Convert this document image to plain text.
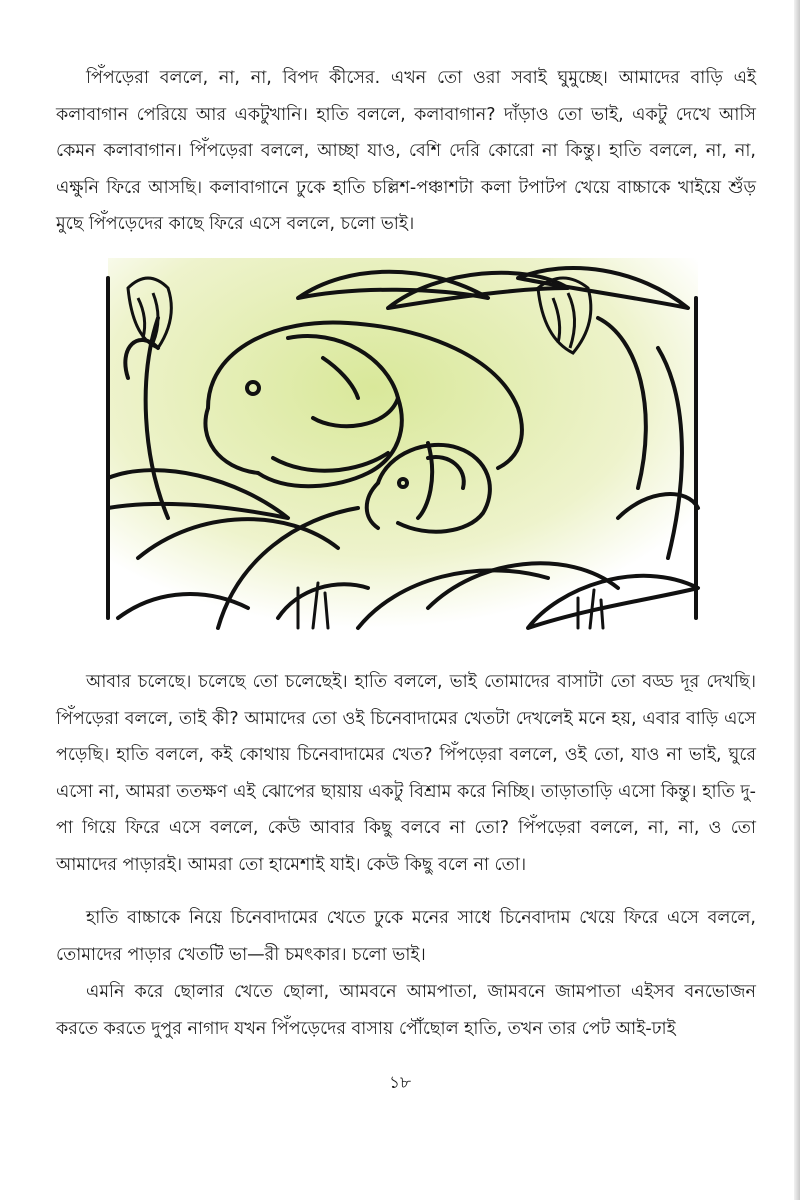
পিঁপড়েরা বললে, না, না, বিপদ কীসের. এখন তো ওরা সবাই ঘুমুচ্ছে। আমাদের বাড়ি এই কলাবাগান পেরিয়ে আর একটুখানি। হাতি বললে, কলাবাগান? দাঁড়াও তো ভাই, একটু দেখে আসি কেমন কলাবাগান। পিঁপড়েরা বললে, আচ্ছা যাও, বেশি দেরি কোরো না কিন্তু। হাতি বললে, না, না, এক্ষুনি ফিরে আসছি। কলাবাগানে ঢুকে হাতি চল্লিশ-পঞ্চাশটা কলা টপাটপ খেয়ে বাচ্চাকে খাইয়ে শুঁড় মুছে পিঁপড়েদের কাছে ফিরে এসে বললে, চলো ভাই।

আবার চলেছে। চলেছে তো চলেছেই। হাতি বললে, ভাই তোমাদের বাসাটা তো বড্ড দূর দেখছি। পিঁপড়েরা বললে, তাই কী? আমাদের তো ওই চিনেবাদামের খেতটা দেখলেই মনে হয়, এবার বাড়ি এসে পড়েছি। হাতি বললে, কই কোথায় চিনেবাদামের খেত? পিঁপড়েরা বললে, ওই তো, যাও না ভাই, ঘুরে এসো না, আমরা ততক্ষণ এই ঝোপের ছায়ায় একটু বিশ্রাম করে নিচ্ছি। তাড়াতাড়ি এসো কিন্তু। হাতি দু-পা গিয়ে ফিরে এসে বললে, কেউ আবার কিছু বলবে না তো? পিঁপড়েরা বললে, না, না, ও তো আমাদের পাড়ারই। আমরা তো হামেশাই যাই। কেউ কিছু বলে না তো।

হাতি বাচ্চাকে নিয়ে চিনেবাদামের খেতে ঢুকে মনের সাধে চিনেবাদাম খেয়ে ফিরে এসে বললে, তোমাদের পাড়ার খেতটি ভা—রী চমৎকার। চলো ভাই।

এমনি করে ছোলার খেতে ছোলা, আমবনে আমপাতা, জামবনে জামপাতা এইসব বনভোজন করতে করতে দুপুর নাগাদ যখন পিঁপড়েদের বাসায় পৌঁছোল হাতি, তখন তার পেট আই-ঢাই

১৮
